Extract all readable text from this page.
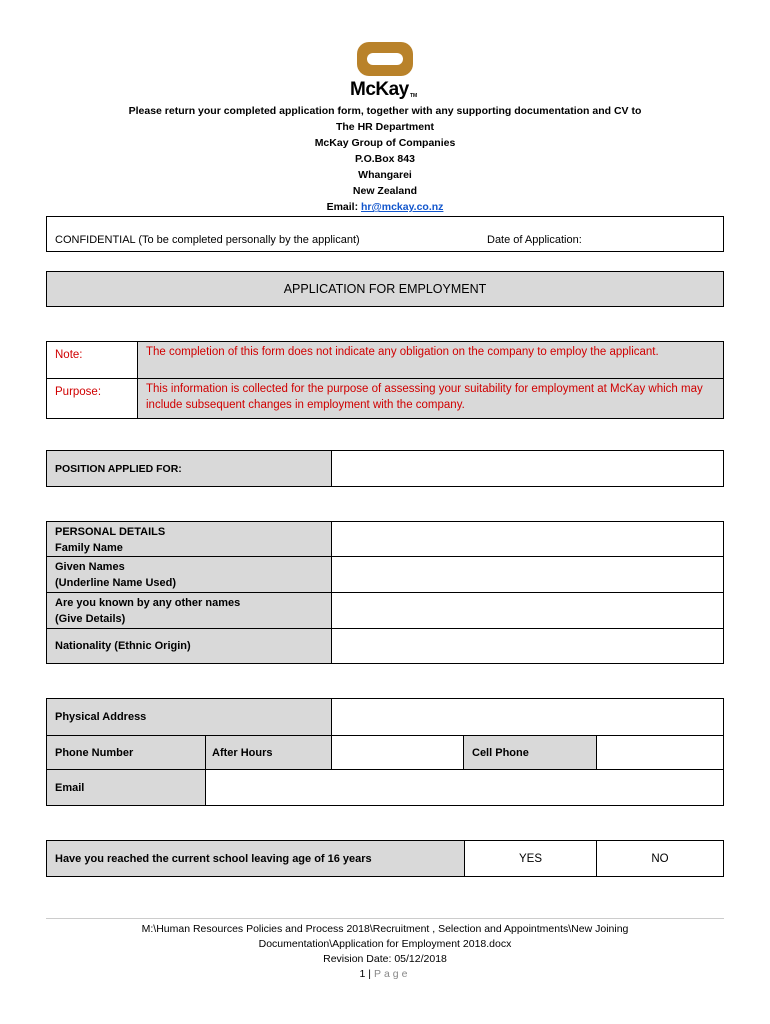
McKay TM
Please return your completed application form, together with any supporting documentation and CV to
The HR Department
McKay Group of Companies
P.O.Box 843
Whangarei
New Zealand
Email: hr@mckay.co.nz
CONFIDENTIAL (To be completed personally by the applicant)	Date of Application:
APPLICATION FOR EMPLOYMENT
Note:	The completion of this form does not indicate any obligation on the company to employ the applicant.
Purpose:	This information is collected for the purpose of assessing your suitability for employment at McKay which may include subsequent changes in employment with the company.
POSITION APPLIED FOR:
PERSONAL DETAILS
Family Name
Given Names
(Underline Name Used)
Are you known by any other names
(Give Details)
Nationality (Ethnic Origin)
Physical Address
Phone Number	After Hours	Cell Phone
Email
Have you reached the current school leaving age of 16 years	YES	NO
M:\Human Resources Policies and Process 2018\Recruitment , Selection and Appointments\New Joining
Documentation\Application for Employment 2018.docx
Revision Date: 05/12/2018
1 | Page
